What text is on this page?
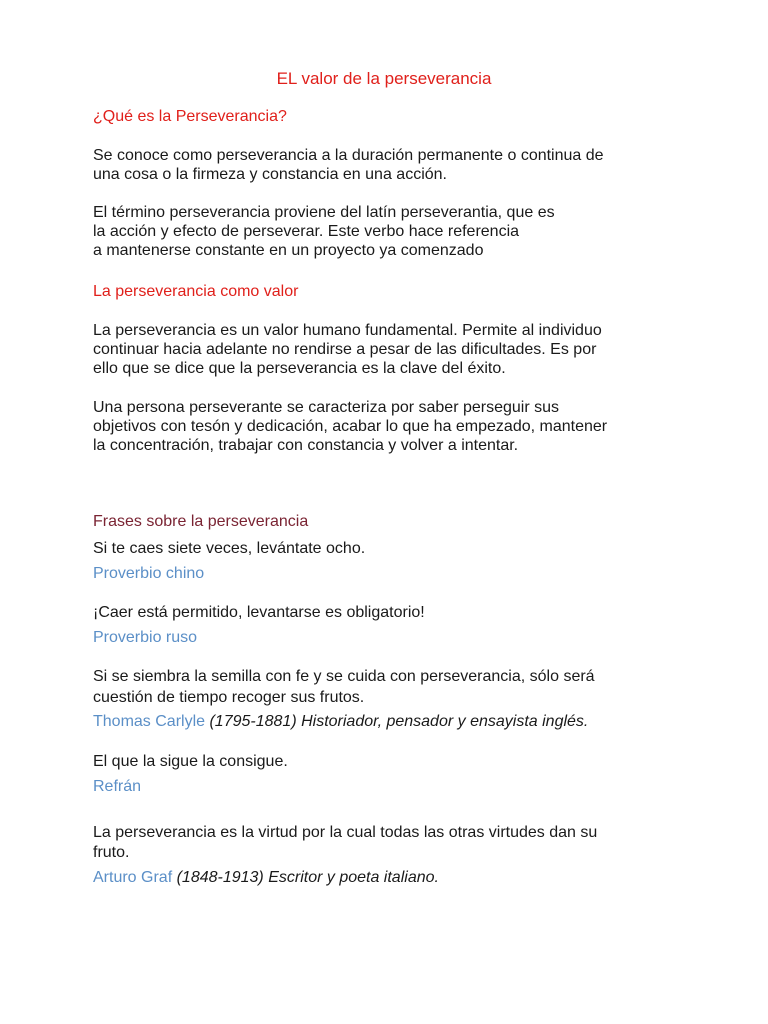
EL valor de la perseverancia
¿Qué es la Perseverancia?
Se conoce como perseverancia a la duración permanente o continua de
una cosa o la firmeza y constancia en una acción.
El término perseverancia proviene del latín perseverantia, que es
la acción y efecto de perseverar. Este verbo hace referencia
a mantenerse constante en un proyecto ya comenzado
La perseverancia como valor
La perseverancia es un valor humano fundamental. Permite al individuo
continuar hacia adelante no rendirse a pesar de las dificultades. Es por
ello que se dice que la perseverancia es la clave del éxito.
Una persona perseverante se caracteriza por saber perseguir sus
objetivos con tesón y dedicación, acabar lo que ha empezado, mantener
la concentración, trabajar con constancia y volver a intentar.
Frases sobre la perseverancia
Si te caes siete veces, levántate ocho.
Proverbio chino
¡Caer está permitido, levantarse es obligatorio!
Proverbio ruso
Si se siembra la semilla con fe y se cuida con perseverancia, sólo será
cuestión de tiempo recoger sus frutos.
Thomas Carlyle (1795-1881) Historiador, pensador y ensayista inglés.
El que la sigue la consigue.
Refrán
La perseverancia es la virtud por la cual todas las otras virtudes dan su
fruto.
Arturo Graf (1848-1913) Escritor y poeta italiano.
